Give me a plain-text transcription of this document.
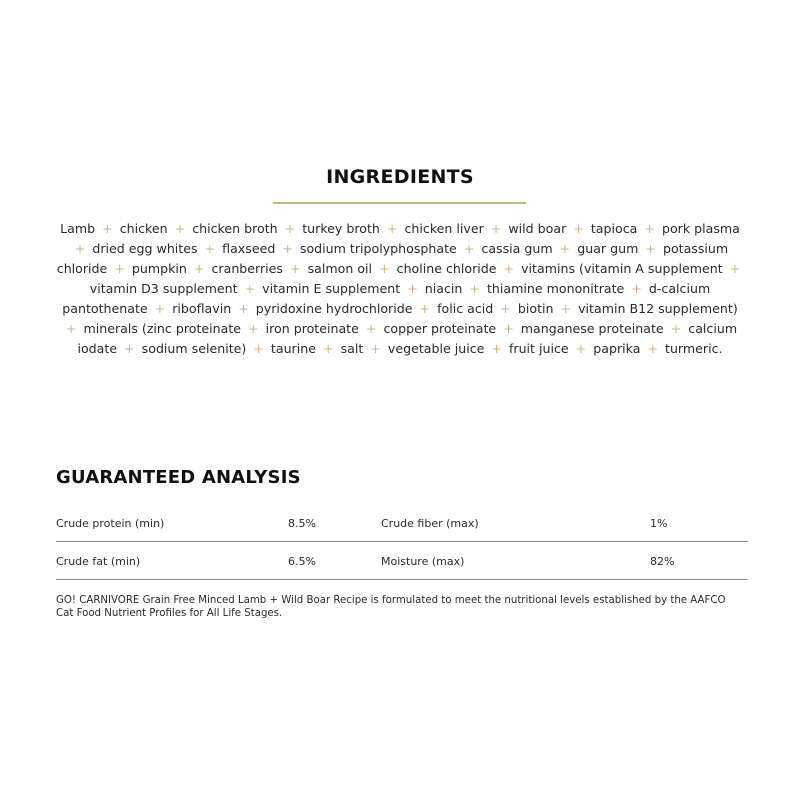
INGREDIENTS
Lamb + chicken + chicken broth + turkey broth + chicken liver + wild boar + tapioca + pork plasma + dried egg whites + flaxseed + sodium tripolyphosphate + cassia gum + guar gum + potassium chloride + pumpkin + cranberries + salmon oil + choline chloride + vitamins (vitamin A supplement + vitamin D3 supplement + vitamin E supplement + niacin + thiamine mononitrate + d-calcium pantothenate + riboflavin + pyridoxine hydrochloride + folic acid + biotin + vitamin B12 supplement) + minerals (zinc proteinate + iron proteinate + copper proteinate + manganese proteinate + calcium iodate + sodium selenite) + taurine + salt + vegetable juice + fruit juice + paprika + turmeric.
GUARANTEED ANALYSIS
Crude protein (min)	8.5%	Crude fiber (max)	1%
Crude fat (min)	6.5%	Moisture (max)	82%
GO! CARNIVORE Grain Free Minced Lamb + Wild Boar Recipe is formulated to meet the nutritional levels established by the AAFCO Cat Food Nutrient Profiles for All Life Stages.
